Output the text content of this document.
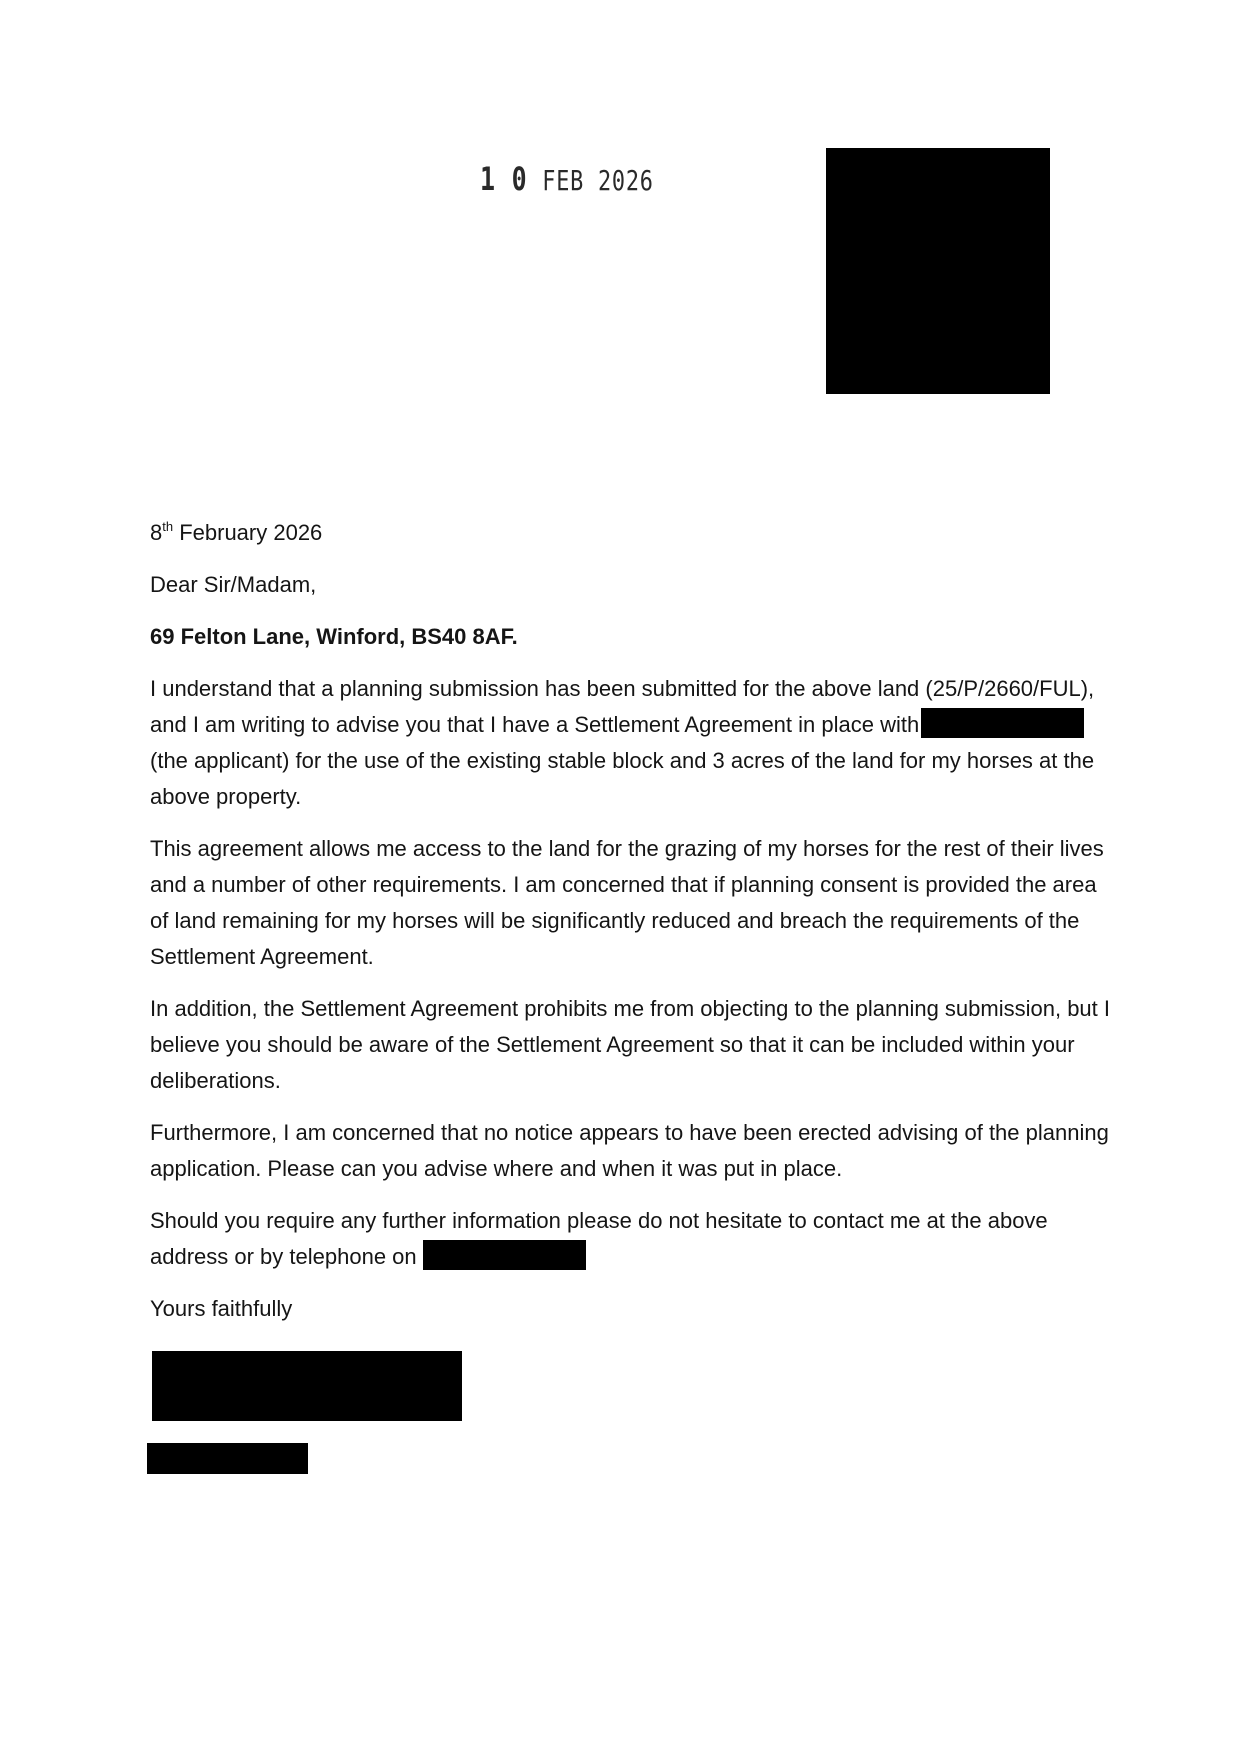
1 0 FEB 2026

8th February 2026

Dear Sir/Madam,

69 Felton Lane, Winford, BS40 8AF.

I understand that a planning submission has been submitted for the above land (25/P/2660/FUL), and I am writing to advise you that I have a Settlement Agreement in place with(the applicant) for the use of the existing stable block and 3 acres of the land for my horses at the above property.

This agreement allows me access to the land for the grazing of my horses for the rest of their lives and a number of other requirements. I am concerned that if planning consent is provided the area of land remaining for my horses will be significantly reduced and breach the requirements of the Settlement Agreement.

In addition, the Settlement Agreement prohibits me from objecting to the planning submission, but I believe you should be aware of the Settlement Agreement so that it can be included within your deliberations.

Furthermore, I am concerned that no notice appears to have been erected advising of the planning application. Please can you advise where and when it was put in place.

Should you require any further information please do not hesitate to contact me at the above address or by telephone on

Yours faithfully
